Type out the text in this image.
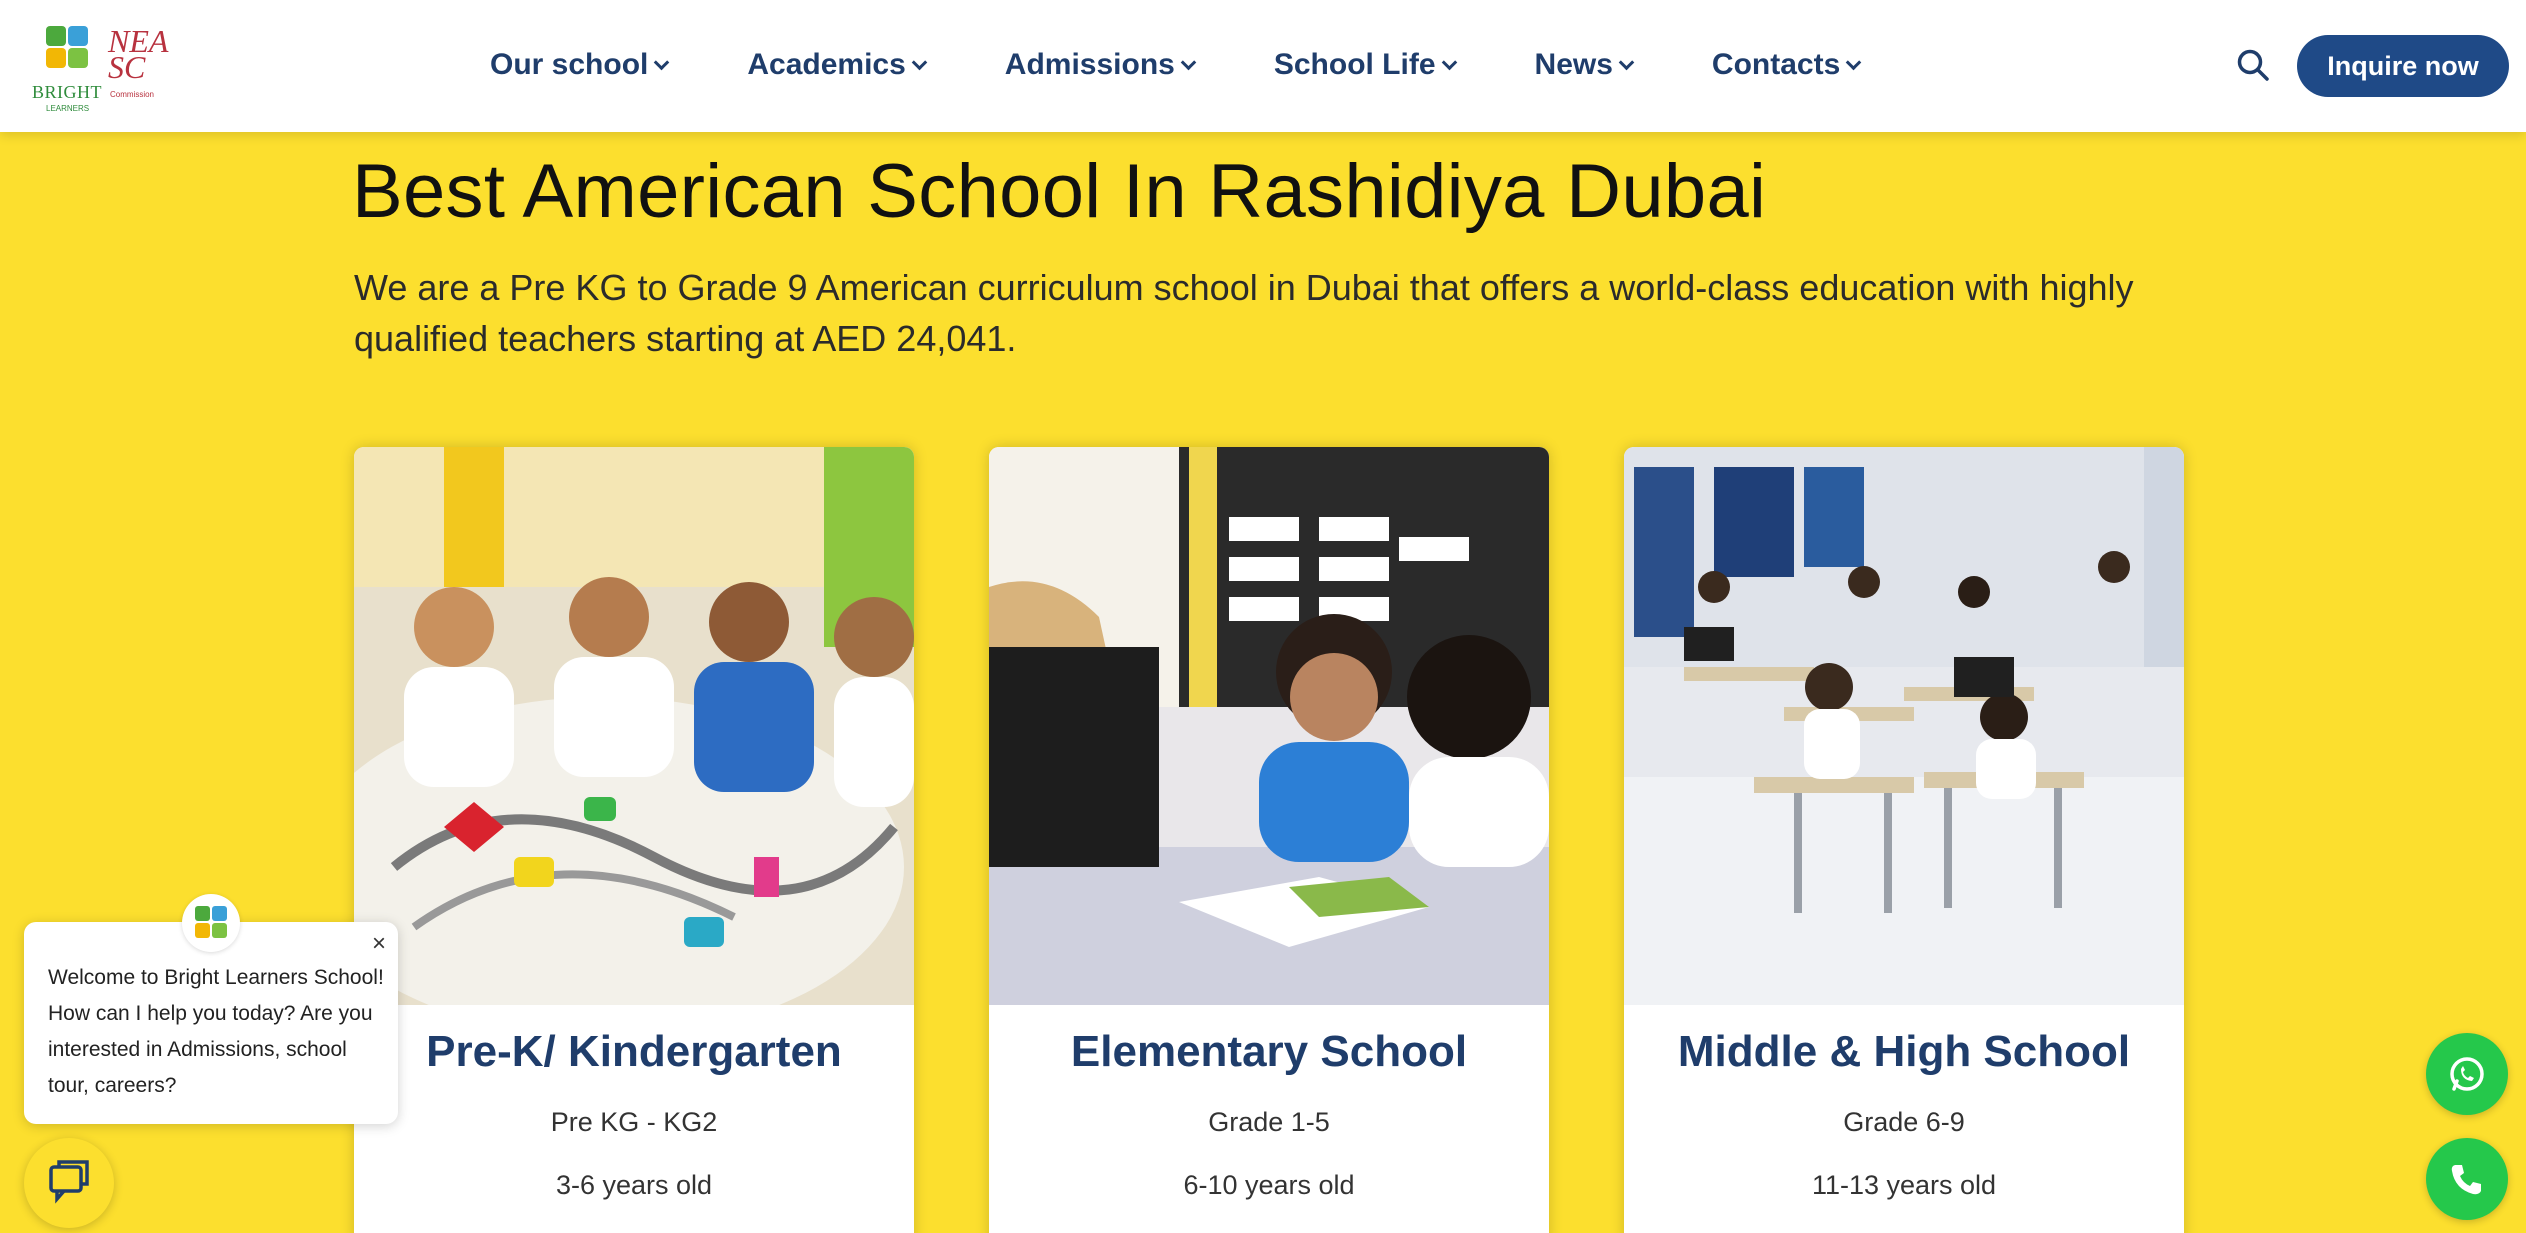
BRIGHT
LEARNERS
NEA SC
Commission
Our school	Academics	Admissions	School Life	News	Contacts	Inquire now
Best American School In Rashidiya Dubai

We are a Pre KG to Grade 9 American curriculum school in Dubai that offers a world-class education with highly qualified teachers starting at AED 24,041.

Pre-K/ Kindergarten
Pre KG - KG2
3-6 years old
Elementary School
Grade 1-5
6-10 years old
Middle & High School
Grade 6-9
11-13 years old
×

Welcome to Bright Learners School! How can I help you today? Are you interested in Admissions, school tour, careers?
